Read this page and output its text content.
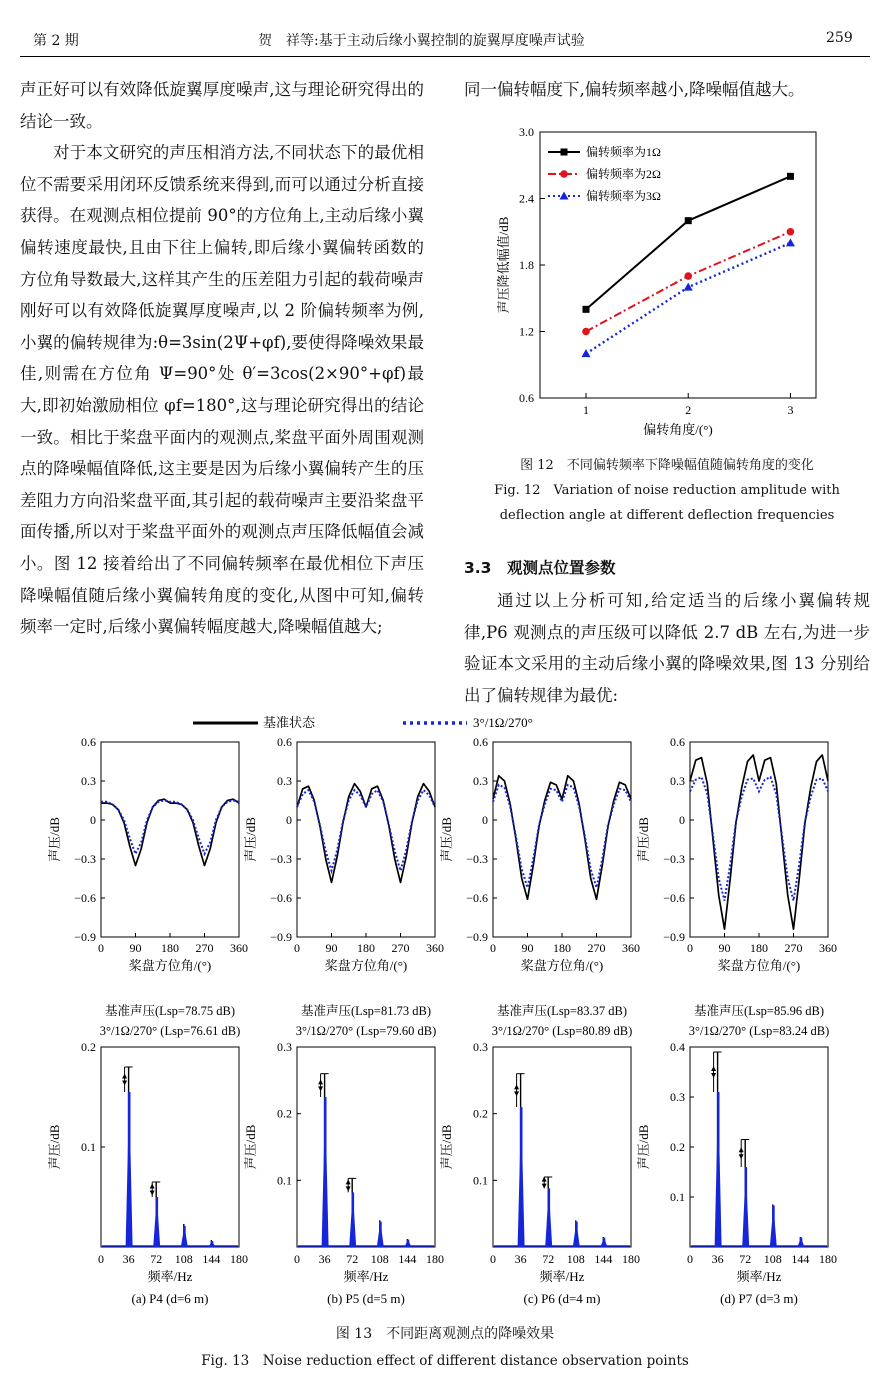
第 2 期	贺　祥等:基于主动后缘小翼控制的旋翼厚度噪声试验	259

声正好可以有效降低旋翼厚度噪声,这与理论研究得出的结论一致。

对于本文研究的声压相消方法,不同状态下的最优相位不需要采用闭环反馈系统来得到,而可以通过分析直接获得。在观测点相位提前 90°的方位角上,主动后缘小翼偏转速度最快,且由下往上偏转,即后缘小翼偏转函数的方位角导数最大,这样其产生的压差阻力引起的载荷噪声刚好可以有效降低旋翼厚度噪声,以 2 阶偏转频率为例,小翼的偏转规律为:θ=3sin(2Ψ+φf),要使得降噪效果最佳,则需在方位角 Ψ=90°处 θ′=3cos(2×90°+φf)最大,即初始激励相位 φf=180°,这与理论研究得出的结论一致。相比于桨盘平面内的观测点,桨盘平面外周围观测点的降噪幅值降低,这主要是因为后缘小翼偏转产生的压差阻力方向沿桨盘平面,其引起的载荷噪声主要沿桨盘平面传播,所以对于桨盘平面外的观测点声压降低幅值会减小。图 12 接着给出了不同偏转频率在最优相位下声压降噪幅值随后缘小翼偏转角度的变化,从图中可知,偏转频率一定时,后缘小翼偏转幅度越大,降噪幅值越大;

同一偏转幅度下,偏转频率越小,降噪幅值越大。

0.6
1.2
1.8
2.4
3.0
1	2	3
偏转角度/(°)
声压降低幅值/dB
偏转频率为1Ω
偏转频率为2Ω
偏转频率为3Ω
图 12　不同偏转频率下降噪幅值随偏转角度的变化
Fig. 12　Variation of noise reduction amplitude with
deflection angle at different deflection frequencies
3.3　观测点位置参数

通过以上分析可知,给定适当的后缘小翼偏转规律,P6 观测点的声压级可以降低 2.7 dB 左右,为进一步验证本文采用的主动后缘小翼的降噪效果,图 13 分别给出了偏转规律为最优:

基准状态	3°/1Ω/270°
0.6
0.3
0
−0.3
−0.6
−0.9
0 90 180 270 360
桨盘方位角/(°)
声压/dB
基准声压(Lsp=78.75 dB)
3°/1Ω/270° (Lsp=76.61 dB)
0.1
0.2
0 36 72 108 144 180
频率/Hz
声压/dB
(a) P4 (d=6 m)
0.6
0.3
0
−0.3
−0.6
−0.9
0 90 180 270 360
桨盘方位角/(°)
声压/dB
基准声压(Lsp=81.73 dB)
3°/1Ω/270° (Lsp=79.60 dB)
0.1
0.2
0.3
0 36 72 108 144 180
频率/Hz
声压/dB
(b) P5 (d=5 m)
0.6
0.3
0
−0.3
−0.6
−0.9
0 90 180 270 360
桨盘方位角/(°)
声压/dB
基准声压(Lsp=83.37 dB)
3°/1Ω/270° (Lsp=80.89 dB)
0.1
0.2
0.3
0 36 72 108 144 180
频率/Hz
声压/dB
(c) P6 (d=4 m)
0.6
0.3
0
−0.3
−0.6
−0.9
0 90 180 270 360
桨盘方位角/(°)
声压/dB
基准声压(Lsp=85.96 dB)
3°/1Ω/270° (Lsp=83.24 dB)
0.1
0.2
0.3
0.4
0 36 72 108 144 180
频率/Hz
声压/dB
(d) P7 (d=3 m)
图 13　不同距离观测点的降噪效果
Fig. 13　Noise reduction effect of different distance observation points
